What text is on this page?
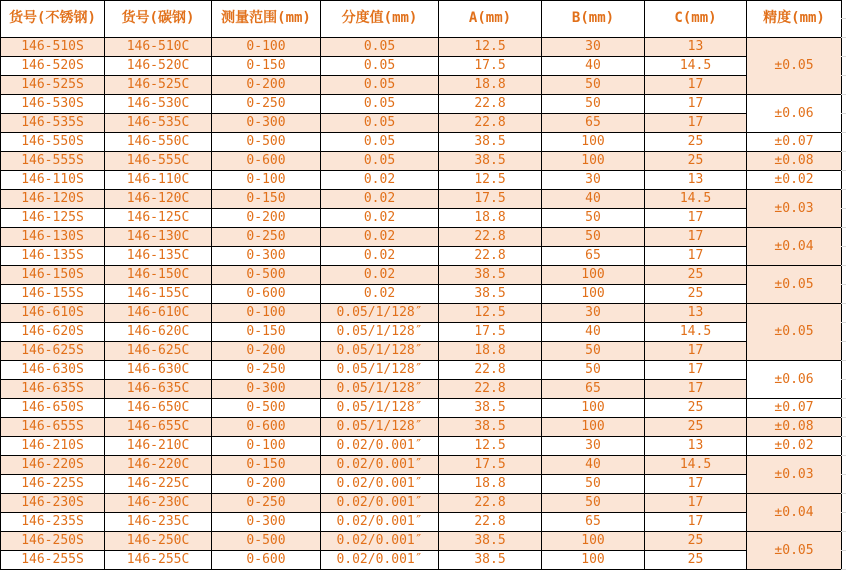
货号(不锈钢)	货号(碳钢)	测量范围(mm)	分度值(mm)	A(mm)	B(mm)	C(mm)	精度(mm)
146-510S	146-510C	0-100	0.05	12.5	30	13	±0.05
146-520S	146-520C	0-150	0.05	17.5	40	14.5	
146-525S	146-525C	0-200	0.05	18.8	50	17	
146-530S	146-530C	0-250	0.05	22.8	50	17	±0.06
146-535S	146-535C	0-300	0.05	22.8	65	17	
146-550S	146-550C	0-500	0.05	38.5	100	25	±0.07
146-555S	146-555C	0-600	0.05	38.5	100	25	±0.08
146-110S	146-110C	0-100	0.02	12.5	30	13	±0.02
146-120S	146-120C	0-150	0.02	17.5	40	14.5	±0.03
146-125S	146-125C	0-200	0.02	18.8	50	17	
146-130S	146-130C	0-250	0.02	22.8	50	17	±0.04
146-135S	146-135C	0-300	0.02	22.8	65	17	
146-150S	146-150C	0-500	0.02	38.5	100	25	±0.05
146-155S	146-155C	0-600	0.02	38.5	100	25	
146-610S	146-610C	0-100	0.05/1/128″	12.5	30	13	±0.05
146-620S	146-620C	0-150	0.05/1/128″	17.5	40	14.5	
146-625S	146-625C	0-200	0.05/1/128″	18.8	50	17	
146-630S	146-630C	0-250	0.05/1/128″	22.8	50	17	±0.06
146-635S	146-635C	0-300	0.05/1/128″	22.8	65	17	
146-650S	146-650C	0-500	0.05/1/128″	38.5	100	25	±0.07
146-655S	146-655C	0-600	0.05/1/128″	38.5	100	25	±0.08
146-210S	146-210C	0-100	0.02/0.001″	12.5	30	13	±0.02
146-220S	146-220C	0-150	0.02/0.001″	17.5	40	14.5	±0.03
146-225S	146-225C	0-200	0.02/0.001″	18.8	50	17	
146-230S	146-230C	0-250	0.02/0.001″	22.8	50	17	±0.04
146-235S	146-235C	0-300	0.02/0.001″	22.8	65	17	
146-250S	146-250C	0-500	0.02/0.001″	38.5	100	25	±0.05
146-255S	146-255C	0-600	0.02/0.001″	38.5	100	25	
